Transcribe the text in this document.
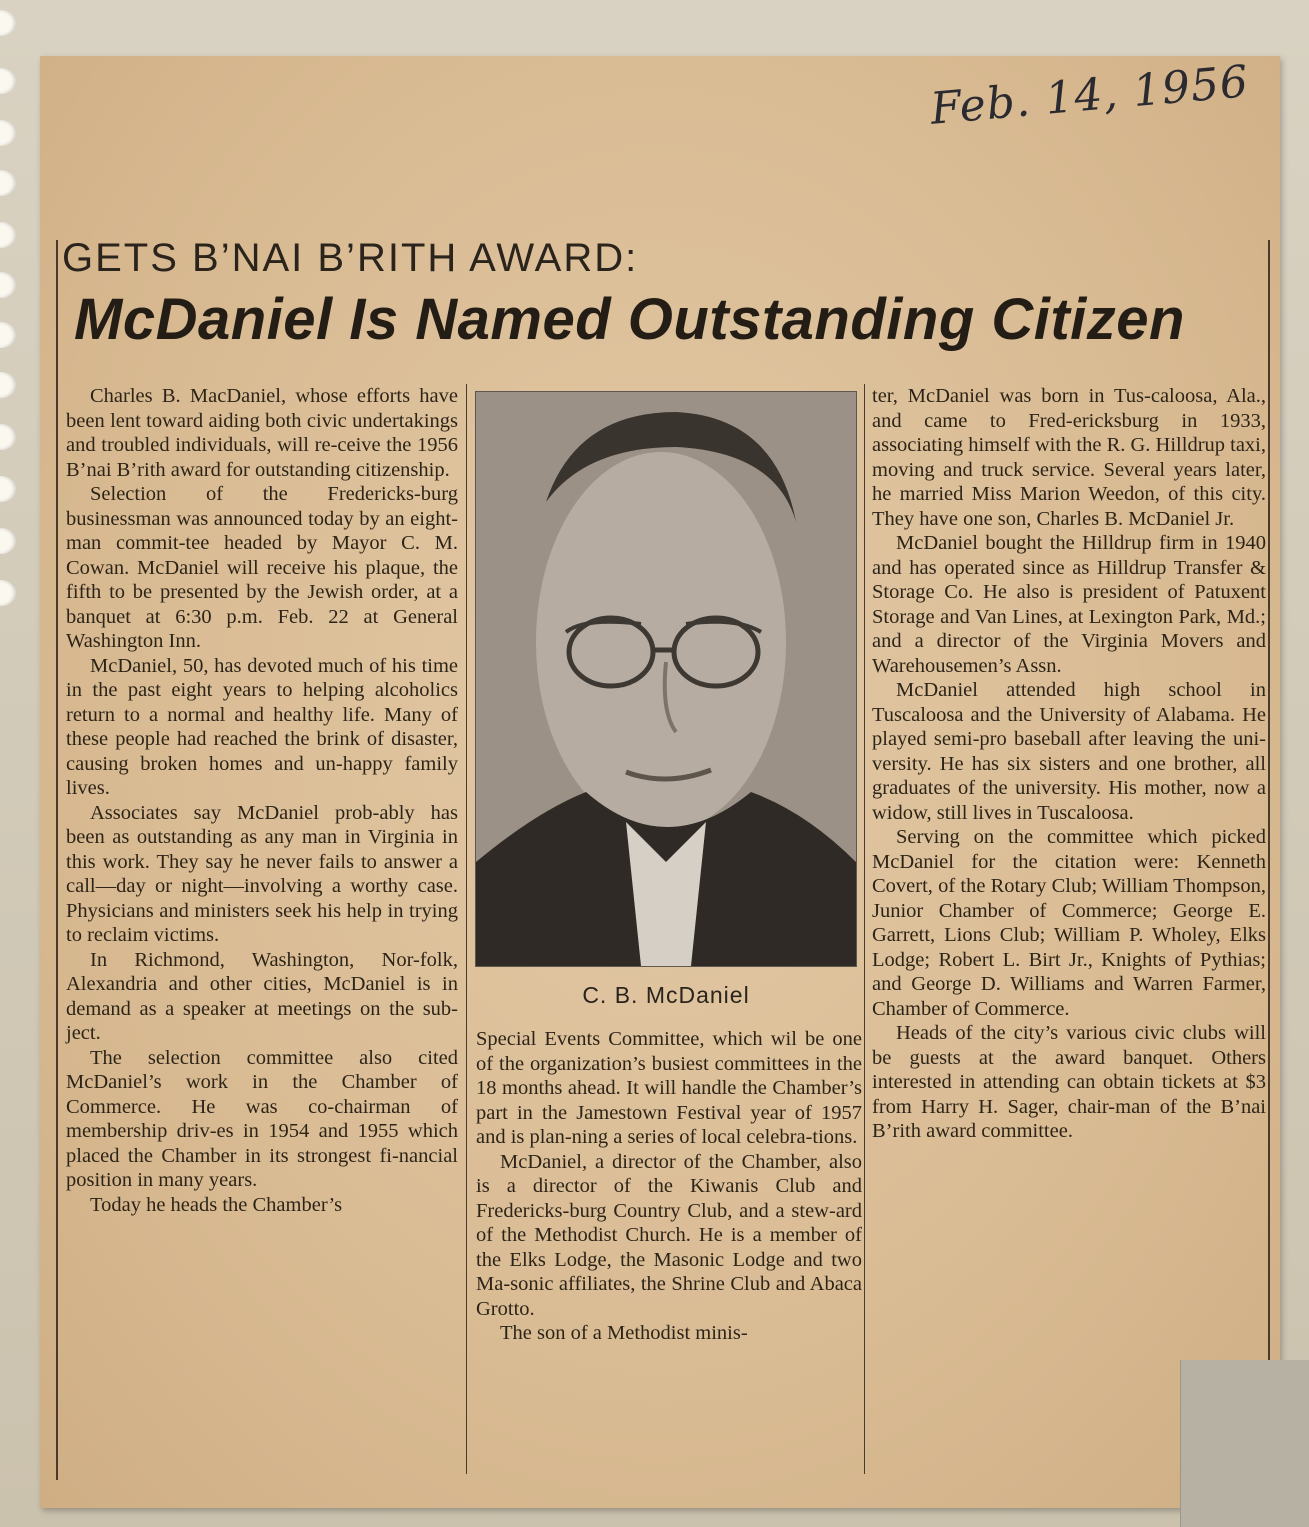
Feb. 14, 1956
GETS B’NAI B’RITH AWARD:
McDaniel Is Named Outstanding Citizen
C. B. McDaniel

Charles B. MacDaniel, whose efforts have been lent toward aiding both civic undertakings and troubled individuals, will re-ceive the 1956 B’nai B’rith award for outstanding citizenship.

Selection of the Fredericks-burg businessman was announced today by an eight-man commit-tee headed by Mayor C. M. Cowan. McDaniel will receive his plaque, the fifth to be presented by the Jewish order, at a banquet at 6:30 p.m. Feb. 22 at General Washington Inn.

McDaniel, 50, has devoted much of his time in the past eight years to helping alcoholics return to a normal and healthy life. Many of these people had reached the brink of disaster, causing broken homes and un-happy family lives.

Associates say McDaniel prob-ably has been as outstanding as any man in Virginia in this work. They say he never fails to answer a call—day or night—involving a worthy case. Physicians and ministers seek his help in trying to reclaim victims.

In Richmond, Washington, Nor-folk, Alexandria and other cities, McDaniel is in demand as a speaker at meetings on the sub-ject.

The selection committee also cited McDaniel’s work in the Chamber of Commerce. He was co-chairman of membership driv-es in 1954 and 1955 which placed the Chamber in its strongest fi-nancial position in many years.

Today he heads the Chamber’s

Special Events Committee, which wil be one of the organization’s busiest committees in the 18 months ahead. It will handle the Chamber’s part in the Jamestown Festival year of 1957 and is plan-ning a series of local celebra-tions.

McDaniel, a director of the Chamber, also is a director of the Kiwanis Club and Fredericks-burg Country Club, and a stew-ard of the Methodist Church. He is a member of the Elks Lodge, the Masonic Lodge and two Ma-sonic affiliates, the Shrine Club and Abaca Grotto.

The son of a Methodist minis-

ter, McDaniel was born in Tus-caloosa, Ala., and came to Fred-ericksburg in 1933, associating himself with the R. G. Hilldrup taxi, moving and truck service. Several years later, he married Miss Marion Weedon, of this city. They have one son, Charles B. McDaniel Jr.

McDaniel bought the Hilldrup firm in 1940 and has operated since as Hilldrup Transfer & Storage Co. He also is president of Patuxent Storage and Van Lines, at Lexington Park, Md.; and a director of the Virginia Movers and Warehousemen’s Assn.

McDaniel attended high school in Tuscaloosa and the University of Alabama. He played semi-pro baseball after leaving the uni-versity. He has six sisters and one brother, all graduates of the university. His mother, now a widow, still lives in Tuscaloosa.

Serving on the committee which picked McDaniel for the citation were: Kenneth Covert, of the Rotary Club; William Thompson, Junior Chamber of Commerce; George E. Garrett, Lions Club; William P. Wholey, Elks Lodge; Robert L. Birt Jr., Knights of Pythias; and George D. Williams and Warren Farmer, Chamber of Commerce.

Heads of the city’s various civic clubs will be guests at the award banquet. Others interested in attending can obtain tickets at $3 from Harry H. Sager, chair-man of the B’nai B’rith award committee.
